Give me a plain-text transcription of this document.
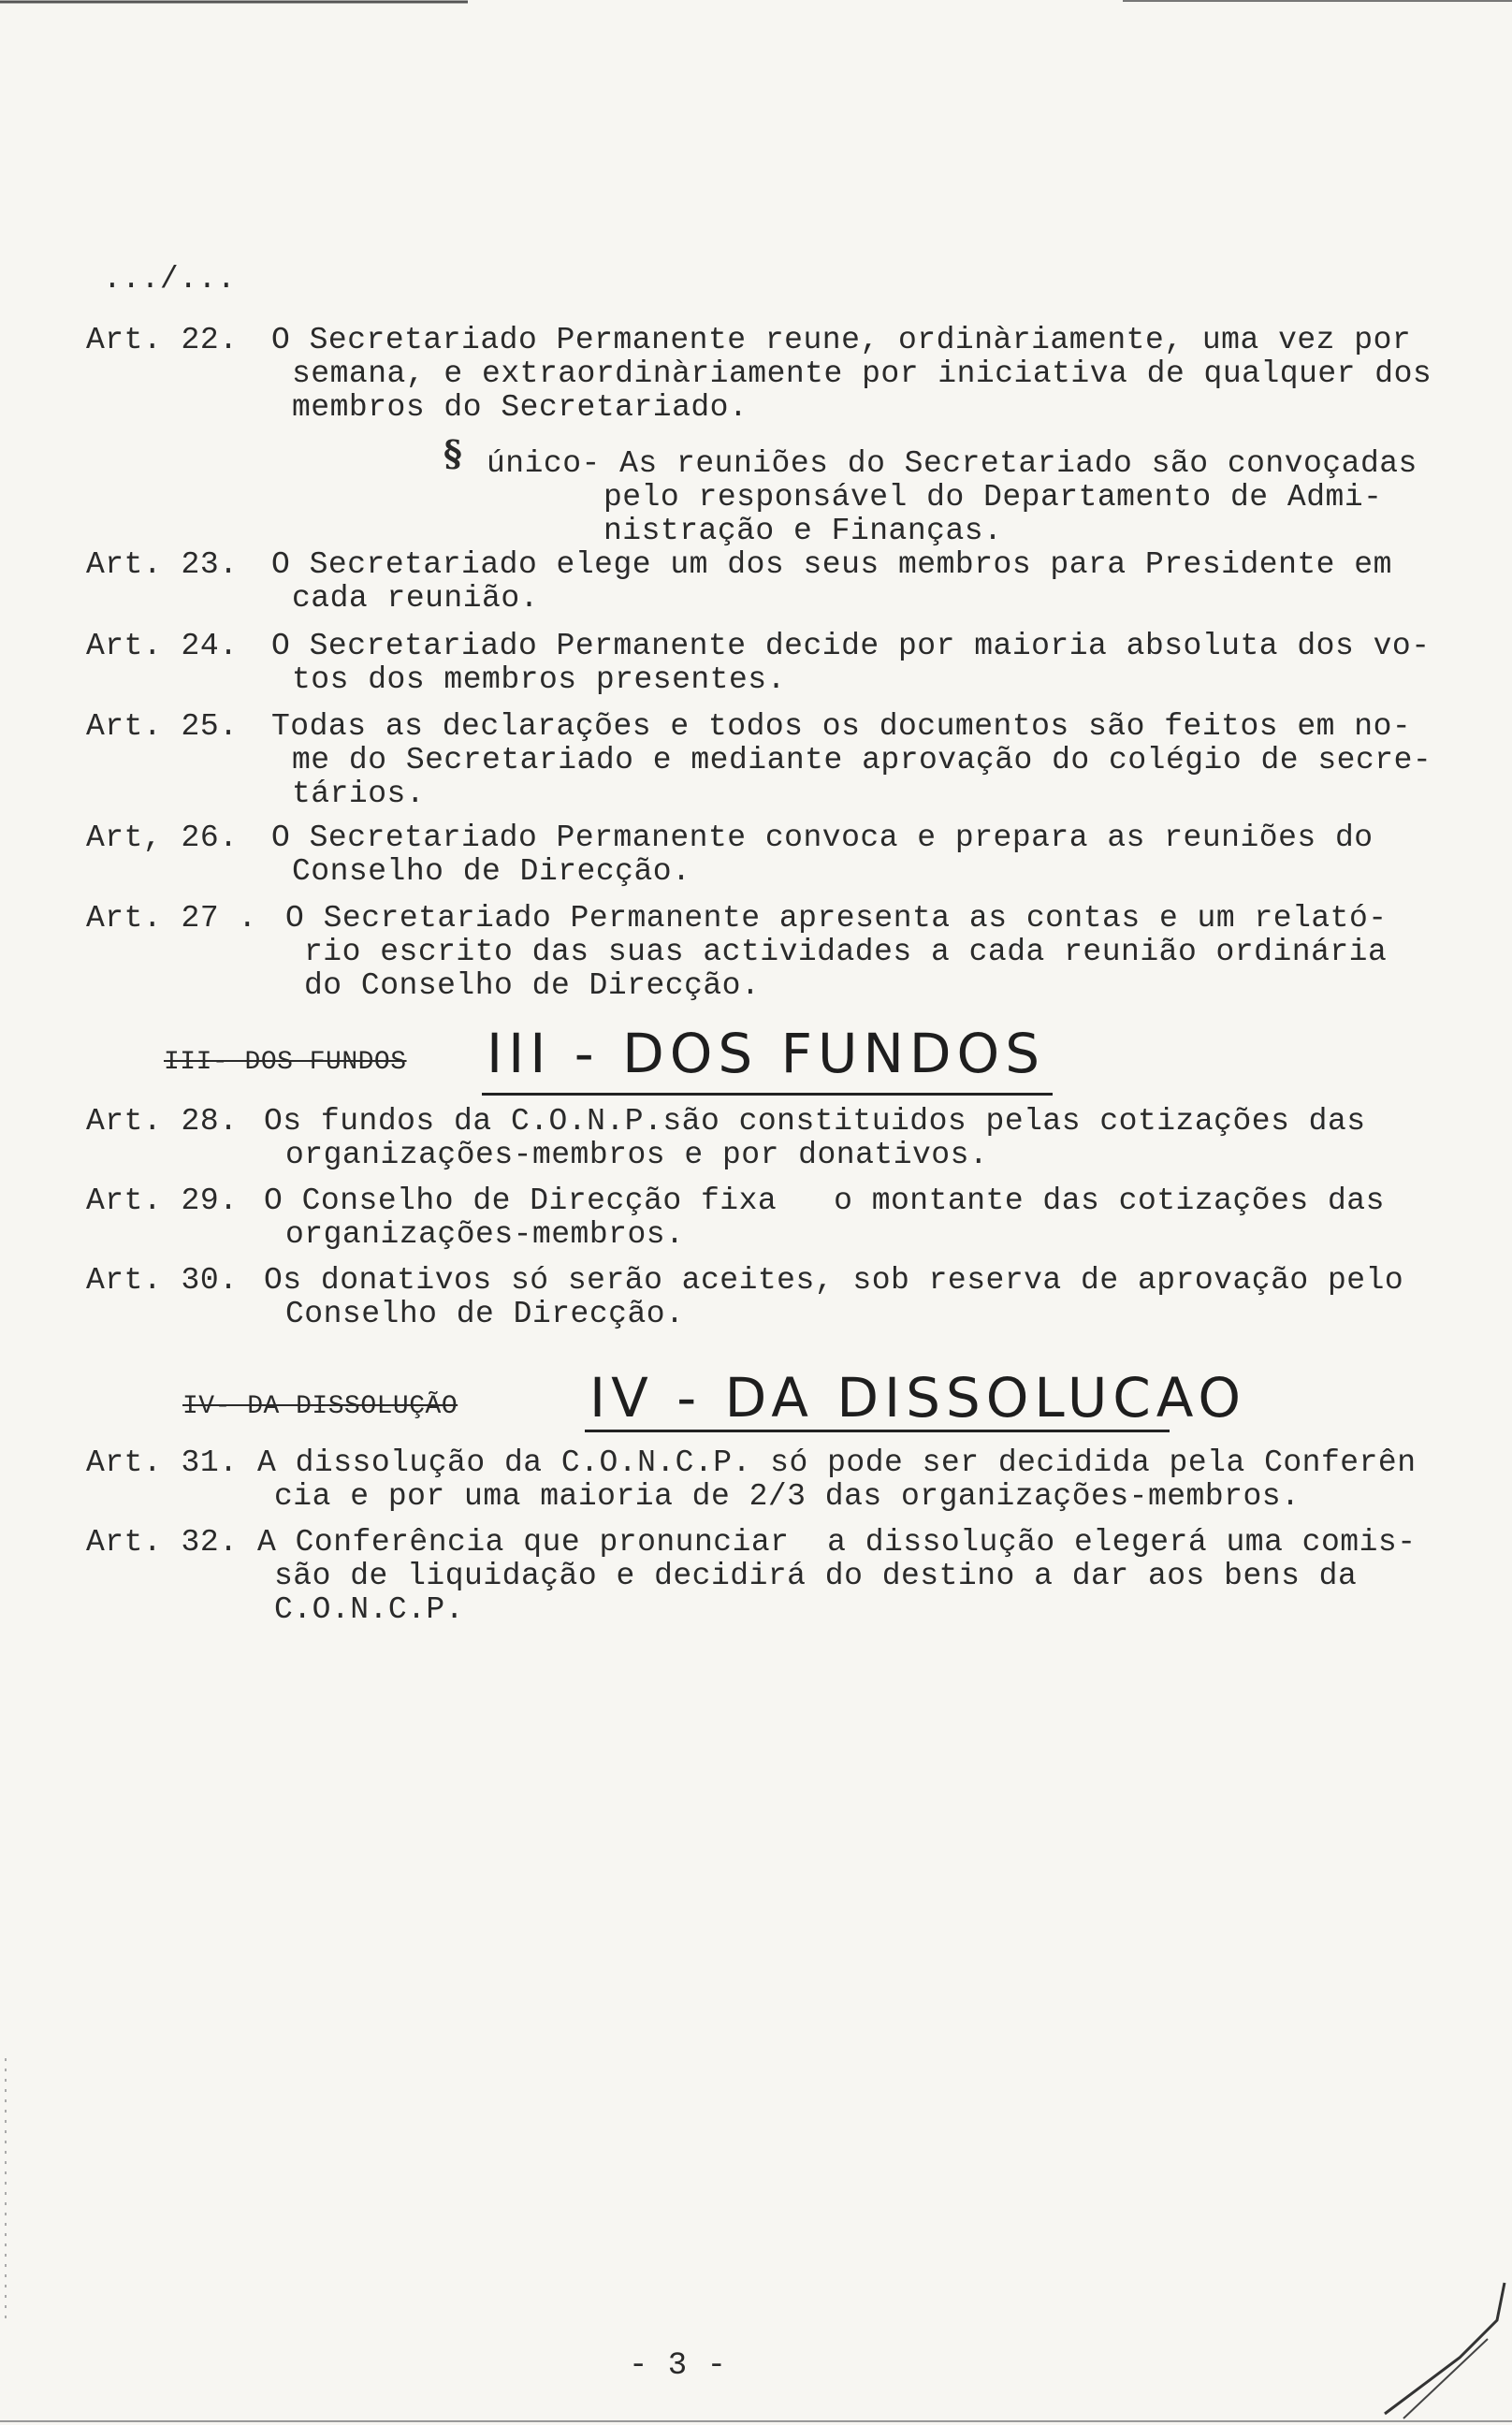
.../...
Art. 22. O Secretariado Permanente reune, ordinàriamente, uma vez por
semana, e extraordinàriamente por iniciativa de qualquer dos
membros do Secretariado.
§ único- As reuniões do Secretariado são convoçadas
pelo responsável do Departamento de Admi-
nistração e Finanças.
Art. 23. O Secretariado elege um dos seus membros para Presidente em
cada reunião.
Art. 24. O Secretariado Permanente decide por maioria absoluta dos vo-
tos dos membros presentes.
Art. 25. Todas as declarações e todos os documentos são feitos em no-
me do Secretariado e mediante aprovação do colégio de secre-
tários.
Art, 26. O Secretariado Permanente convoca e prepara as reuniões do
Conselho de Direcção.
Art. 27 . O Secretariado Permanente apresenta as contas e um relató-
rio escrito das suas actividades a cada reunião ordinária
do Conselho de Direcção.
III- DOS FUNDOS III - DOS FUNDOS
Art. 28. Os fundos da C.O.N.P.são constituidos pelas cotizações das
organizações-membros e por donativos.
Art. 29. O Conselho de Direcção fixa   o montante das cotizações das
organizações-membros.
Art. 30. Os donativos só serão aceites, sob reserva de aprovação pelo
Conselho de Direcção.
IV- DA DISSOLUÇÃO IV - DA DISSOLUCAO
Art. 31. A dissolução da C.O.N.C.P. só pode ser decidida pela Conferên
cia e por uma maioria de 2/3 das organizações-membros.
Art. 32. A Conferência que pronunciar  a dissolução elegerá uma comis-
são de liquidação e decidirá do destino a dar aos bens da
C.O.N.C.P.
- 3 -
